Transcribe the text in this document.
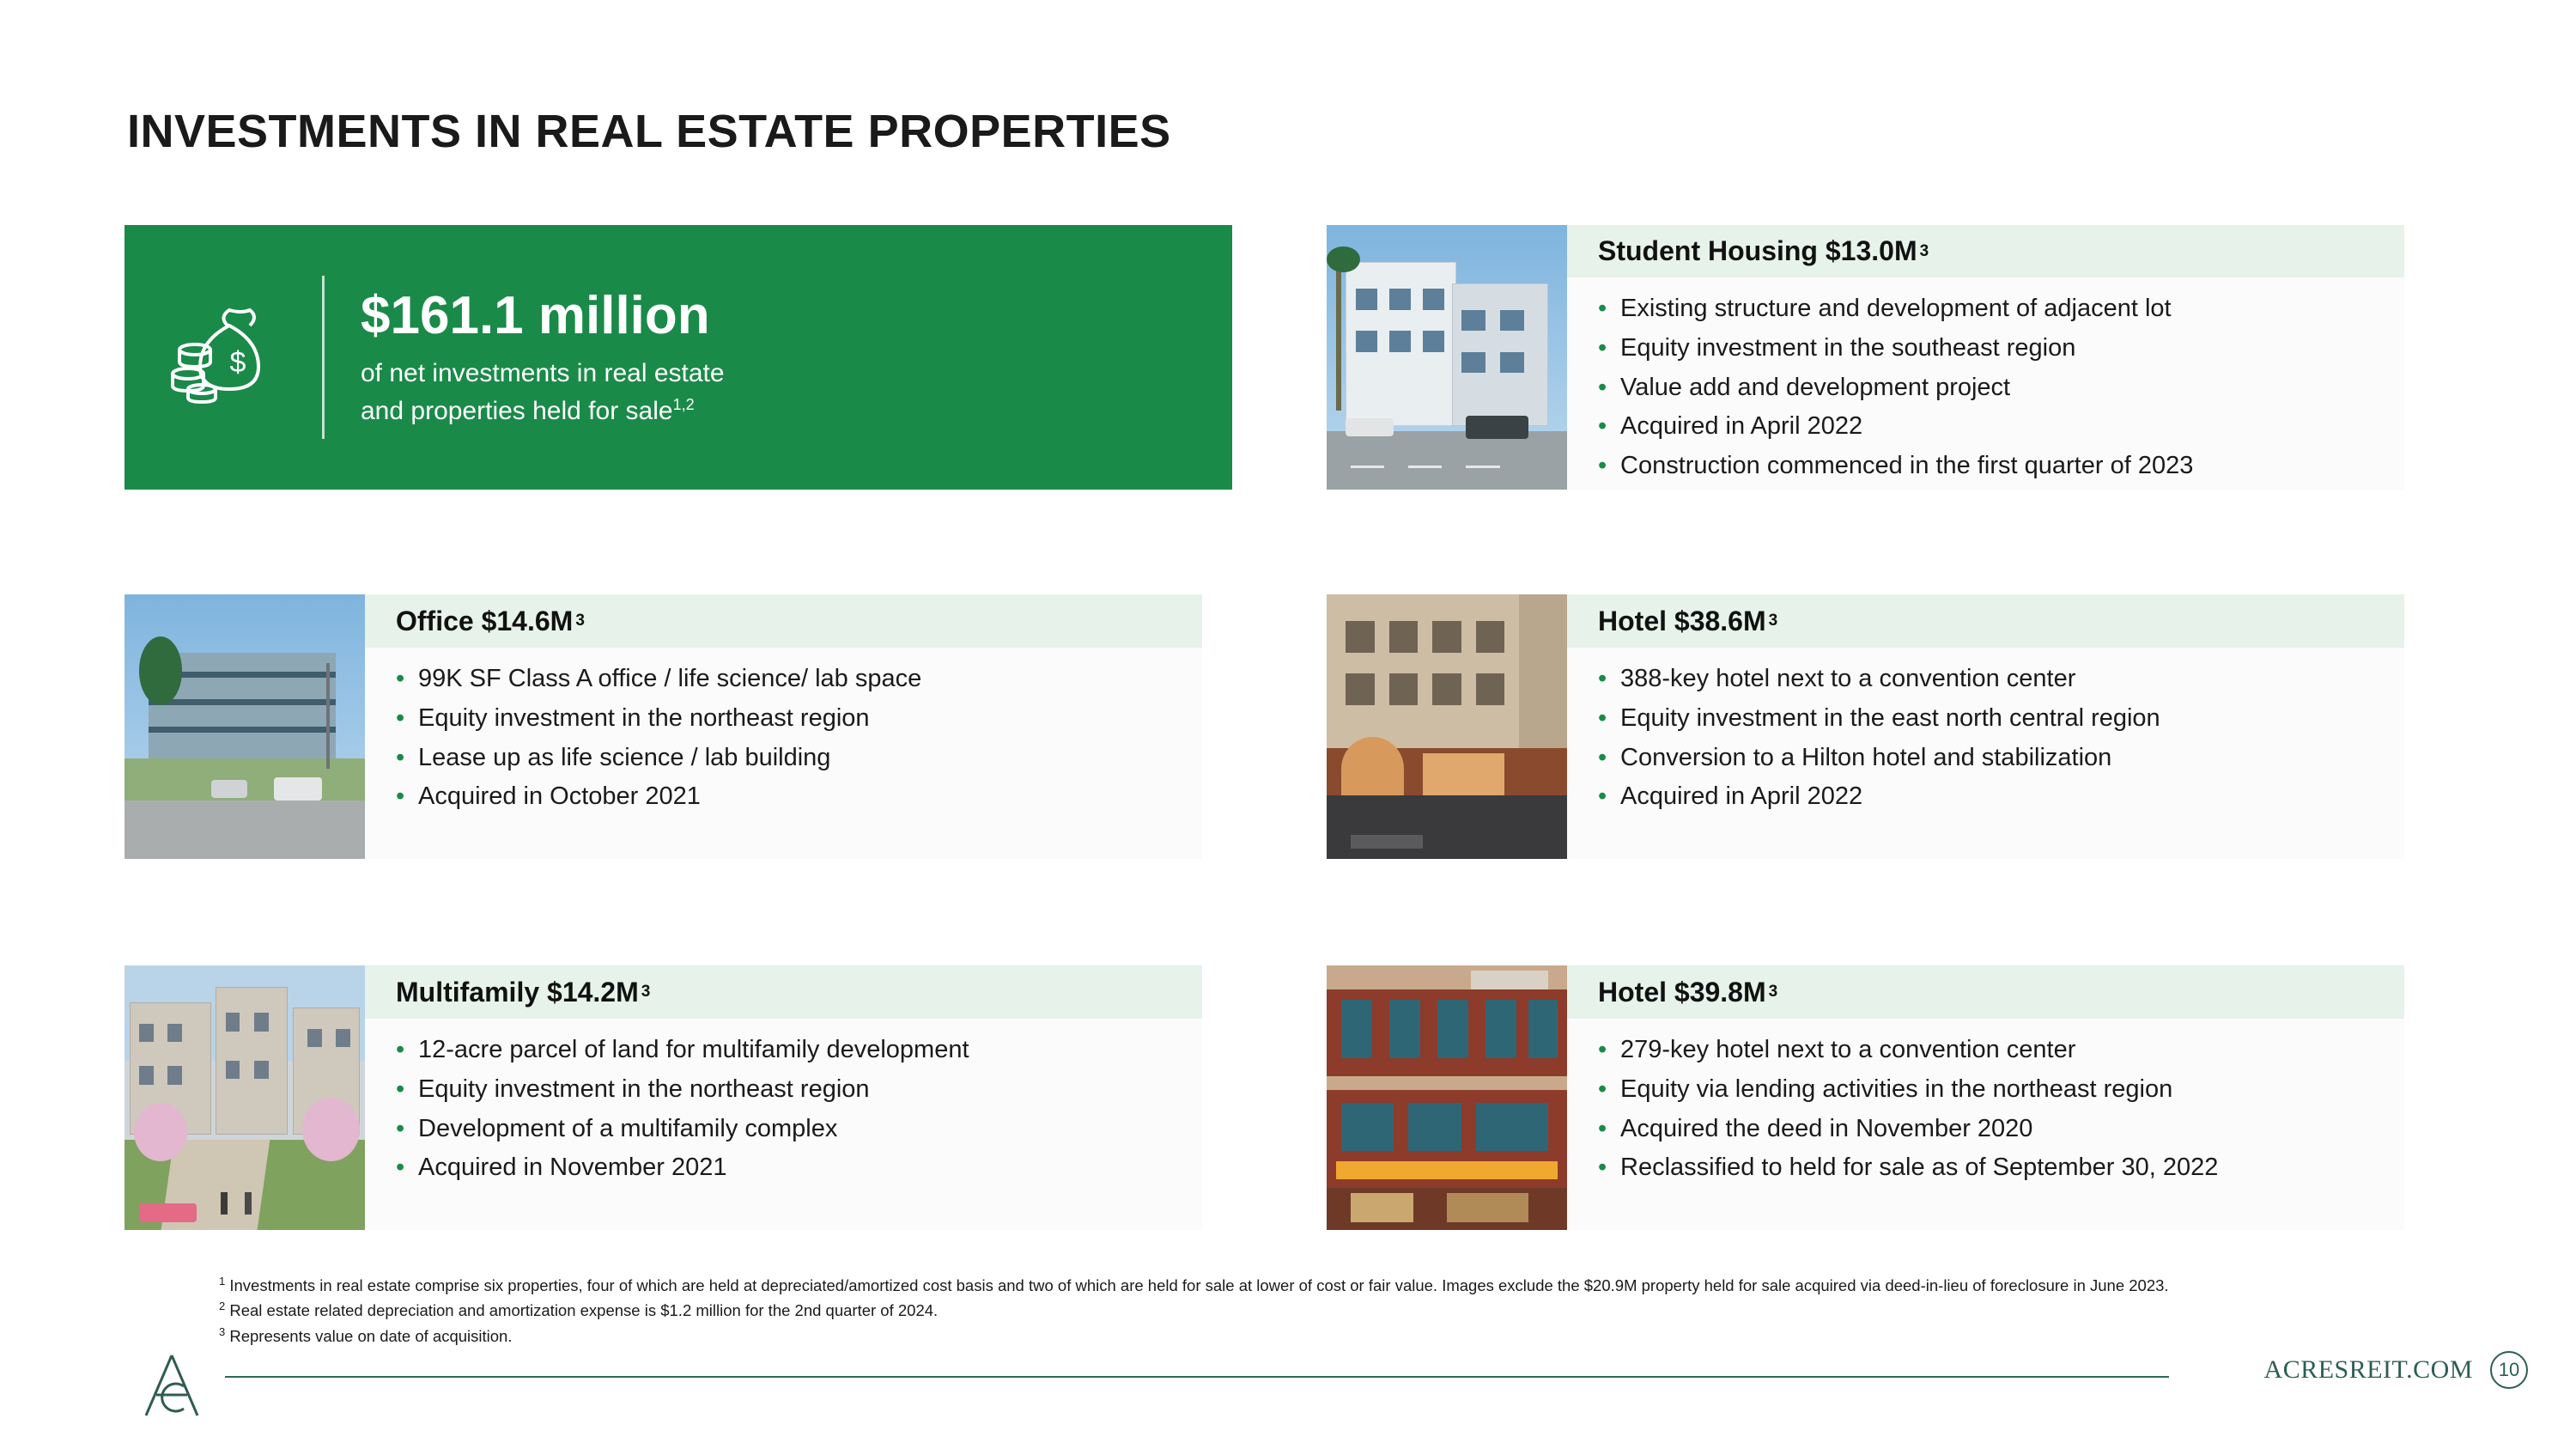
INVESTMENTS IN REAL ESTATE PROPERTIES
$
$161.1 million
of net investments in real estate
and properties held for sale$^{1,2}$
Student Housing $13.0M 3
• Existing structure and development of adjacent lot
• Equity investment in the southeast region
• Value add and development project
• Acquired in April 2022
• Construction commenced in the first quarter of 2023
Office $14.6M 3
• 99K SF Class A office / life science/ lab space
• Equity investment in the northeast region
• Lease up as life science / lab building
• Acquired in October 2021
Hotel $38.6M 3
• 388-key hotel next to a convention center
• Equity investment in the east north central region
• Conversion to a Hilton hotel and stabilization
• Acquired in April 2022
Multifamily $14.2M 3
• 12-acre parcel of land for multifamily development
• Equity investment in the northeast region
• Development of a multifamily complex
• Acquired in November 2021
Hotel $39.8M 3
• 279-key hotel next to a convention center
• Equity via lending activities in the northeast region
• Acquired the deed in November 2020
• Reclassified to held for sale as of September 30, 2022
$^1$ Investments in real estate comprise six properties, four of which are held at depreciated/amortized cost basis and two of which are held for sale at lower of cost or fair value. Images exclude the $20.9M property held for sale acquired via deed-in-lieu of foreclosure in June 2023.
$^2$ Real estate related depreciation and amortization expense is $1.2 million for the 2nd quarter of 2024.
$^3$ Represents value on date of acquisition.
ACRESREIT.COM	10
